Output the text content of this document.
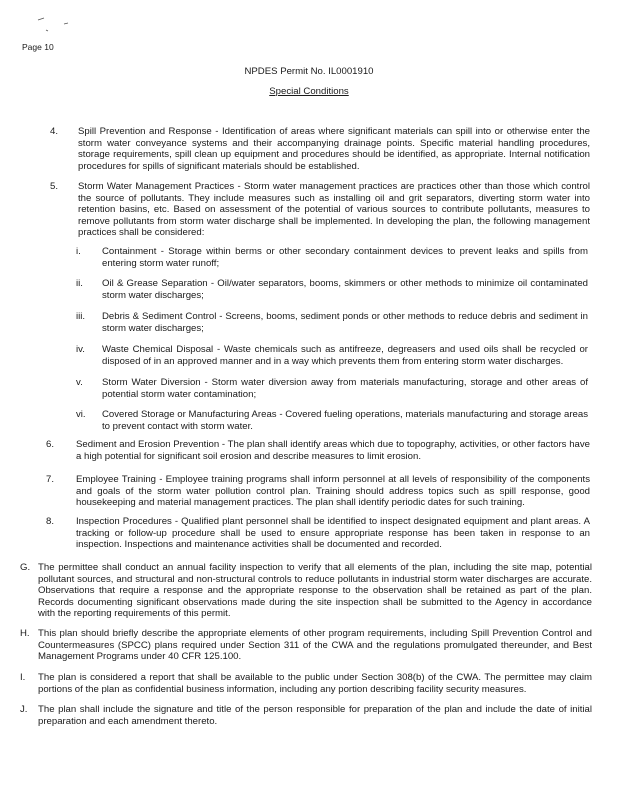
Page 10
NPDES Permit No. IL0001910
Special Conditions
4. Spill Prevention and Response - Identification of areas where significant materials can spill into or otherwise enter the storm water conveyance systems and their accompanying drainage points. Specific material handling procedures, storage requirements, spill clean up equipment and procedures should be identified, as appropriate. Internal notification procedures for spills of significant materials should be established.
5. Storm Water Management Practices - Storm water management practices are practices other than those which control the source of pollutants. They include measures such as installing oil and grit separators, diverting storm water into retention basins, etc. Based on assessment of the potential of various sources to contribute pollutants, measures to remove pollutants from storm water discharge shall be implemented. In developing the plan, the following management practices shall be considered:
i. Containment - Storage within berms or other secondary containment devices to prevent leaks and spills from entering storm water runoff;
ii. Oil & Grease Separation - Oil/water separators, booms, skimmers or other methods to minimize oil contaminated storm water discharges;
iii. Debris & Sediment Control - Screens, booms, sediment ponds or other methods to reduce debris and sediment in storm water discharges;
iv. Waste Chemical Disposal - Waste chemicals such as antifreeze, degreasers and used oils shall be recycled or disposed of in an approved manner and in a way which prevents them from entering storm water discharges.
v. Storm Water Diversion - Storm water diversion away from materials manufacturing, storage and other areas of potential storm water contamination;
vi. Covered Storage or Manufacturing Areas - Covered fueling operations, materials manufacturing and storage areas to prevent contact with storm water.
6. Sediment and Erosion Prevention - The plan shall identify areas which due to topography, activities, or other factors have a high potential for significant soil erosion and describe measures to limit erosion.
7. Employee Training - Employee training programs shall inform personnel at all levels of responsibility of the components and goals of the storm water pollution control plan. Training should address topics such as spill response, good housekeeping and material management practices. The plan shall identify periodic dates for such training.
8. Inspection Procedures - Qualified plant personnel shall be identified to inspect designated equipment and plant areas. A tracking or follow-up procedure shall be used to ensure appropriate response has been taken in response to an inspection. Inspections and maintenance activities shall be documented and recorded.
G. The permittee shall conduct an annual facility inspection to verify that all elements of the plan, including the site map, potential pollutant sources, and structural and non-structural controls to reduce pollutants in industrial storm water discharges are accurate. Observations that require a response and the appropriate response to the observation shall be retained as part of the plan. Records documenting significant observations made during the site inspection shall be submitted to the Agency in accordance with the reporting requirements of this permit.
H. This plan should briefly describe the appropriate elements of other program requirements, including Spill Prevention Control and Countermeasures (SPCC) plans required under Section 311 of the CWA and the regulations promulgated thereunder, and Best Management Programs under 40 CFR 125.100.
I. The plan is considered a report that shall be available to the public under Section 308(b) of the CWA. The permittee may claim portions of the plan as confidential business information, including any portion describing facility security measures.
J. The plan shall include the signature and title of the person responsible for preparation of the plan and include the date of initial preparation and each amendment thereto.
